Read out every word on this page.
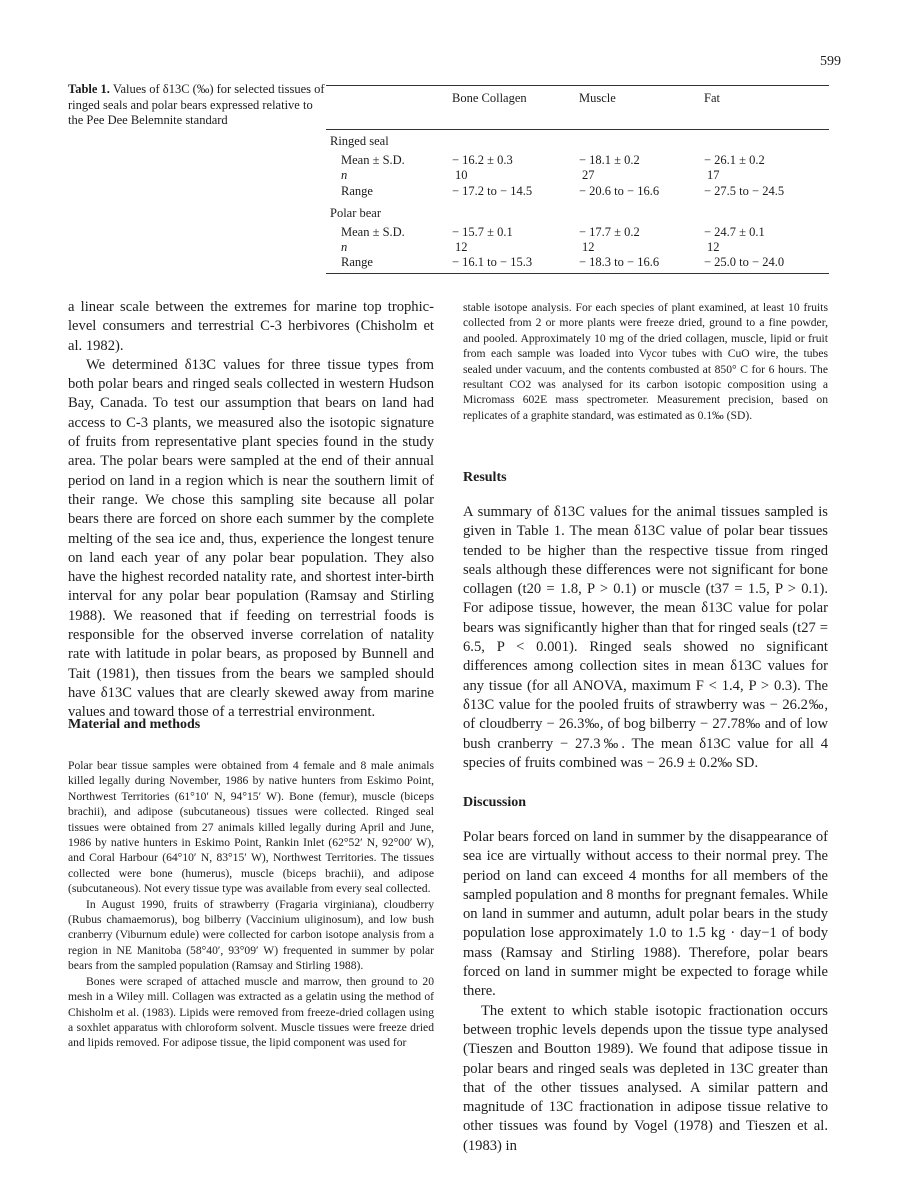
599
Table 1. Values of δ13C (‰) for selected tissues of ringed seals and polar bears expressed relative to the Pee Dee Belemnite standard
Bone Collagen	Muscle	Fat
Ringed seal
Mean ± S.D.	− 16.2 ± 0.3	− 18.1 ± 0.2	− 26.1 ± 0.2
n	10	27	17
Range	− 17.2 to − 14.5	− 20.6 to − 16.6	− 27.5 to − 24.5
Polar bear
Mean ± S.D.	− 15.7 ± 0.1	− 17.7 ± 0.2	− 24.7 ± 0.1
n	12	12	12
Range	− 16.1 to − 15.3	− 18.3 to − 16.6	− 25.0 to − 24.0

a linear scale between the extremes for marine top trophic-level consumers and terrestrial C-3 herbivores (Chisholm et al. 1982).

We determined δ13C values for three tissue types from both polar bears and ringed seals collected in western Hudson Bay, Canada. To test our assumption that bears on land had access to C-3 plants, we measured also the isotopic signature of fruits from representative plant species found in the study area. The polar bears were sampled at the end of their annual period on land in a region which is near the southern limit of their range. We chose this sampling site because all polar bears there are forced on shore each summer by the complete melting of the sea ice and, thus, experience the longest tenure on land each year of any polar bear population. They also have the highest recorded natality rate, and shortest inter-birth interval for any polar bear population (Ramsay and Stirling 1988). We reasoned that if feeding on terrestrial foods is responsible for the observed inverse correlation of natality rate with latitude in polar bears, as proposed by Bunnell and Tait (1981), then tissues from the bears we sampled should have δ13C values that are clearly skewed away from marine values and toward those of a terrestrial environment.

Material and methods

Polar bear tissue samples were obtained from 4 female and 8 male animals killed legally during November, 1986 by native hunters from Eskimo Point, Northwest Territories (61°10′ N, 94°15′ W). Bone (femur), muscle (biceps brachii), and adipose (subcutaneous) tissues were collected. Ringed seal tissues were obtained from 27 animals killed legally during April and June, 1986 by native hunters in Eskimo Point, Rankin Inlet (62°52′ N, 92°00′ W), and Coral Harbour (64°10′ N, 83°15′ W), Northwest Territories. The tissues collected were bone (humerus), muscle (biceps brachii), and adipose (subcutaneous). Not every tissue type was available from every seal collected.

In August 1990, fruits of strawberry (Fragaria virginiana), cloudberry (Rubus chamaemorus), bog bilberry (Vaccinium uliginosum), and low bush cranberry (Viburnum edule) were collected for carbon isotope analysis from a region in NE Manitoba (58°40′, 93°09′ W) frequented in summer by polar bears from the sampled population (Ramsay and Stirling 1988).

Bones were scraped of attached muscle and marrow, then ground to 20 mesh in a Wiley mill. Collagen was extracted as a gelatin using the method of Chisholm et al. (1983). Lipids were removed from freeze-dried collagen using a soxhlet apparatus with chloroform solvent. Muscle tissues were freeze dried and lipids removed. For adipose tissue, the lipid component was used for

stable isotope analysis. For each species of plant examined, at least 10 fruits collected from 2 or more plants were freeze dried, ground to a fine powder, and pooled. Approximately 10 mg of the dried collagen, muscle, lipid or fruit from each sample was loaded into Vycor tubes with CuO wire, the tubes sealed under vacuum, and the contents combusted at 850° C for 6 hours. The resultant CO2 was analysed for its carbon isotopic composition using a Micromass 602E mass spectrometer. Measurement precision, based on replicates of a graphite standard, was estimated as 0.1‰ (SD).

Results

A summary of δ13C values for the animal tissues sampled is given in Table 1. The mean δ13C value of polar bear tissues tended to be higher than the respective tissue from ringed seals although these differences were not significant for bone collagen (t20 = 1.8, P > 0.1) or muscle (t37 = 1.5, P > 0.1). For adipose tissue, however, the mean δ13C value for polar bears was significantly higher than that for ringed seals (t27 = 6.5, P < 0.001). Ringed seals showed no significant differences among collection sites in mean δ13C values for any tissue (for all ANOVA, maximum F < 1.4, P > 0.3). The δ13C value for the pooled fruits of strawberry was − 26.2‰, of cloudberry − 26.3‰, of bog bilberry − 27.78‰ and of low bush cranberry − 27.3‰. The mean δ13C value for all 4 species of fruits combined was − 26.9 ± 0.2‰ SD.

Discussion

Polar bears forced on land in summer by the disappearance of sea ice are virtually without access to their normal prey. The period on land can exceed 4 months for all members of the sampled population and 8 months for pregnant females. While on land in summer and autumn, adult polar bears in the study population lose approximately 1.0 to 1.5 kg · day−1 of body mass (Ramsay and Stirling 1988). Therefore, polar bears forced on land in summer might be expected to forage while there.

The extent to which stable isotopic fractionation occurs between trophic levels depends upon the tissue type analysed (Tieszen and Boutton 1989). We found that adipose tissue in polar bears and ringed seals was depleted in 13C greater than that of the other tissues analysed. A similar pattern and magnitude of 13C fractionation in adipose tissue relative to other tissues was found by Vogel (1978) and Tieszen et al. (1983) in
